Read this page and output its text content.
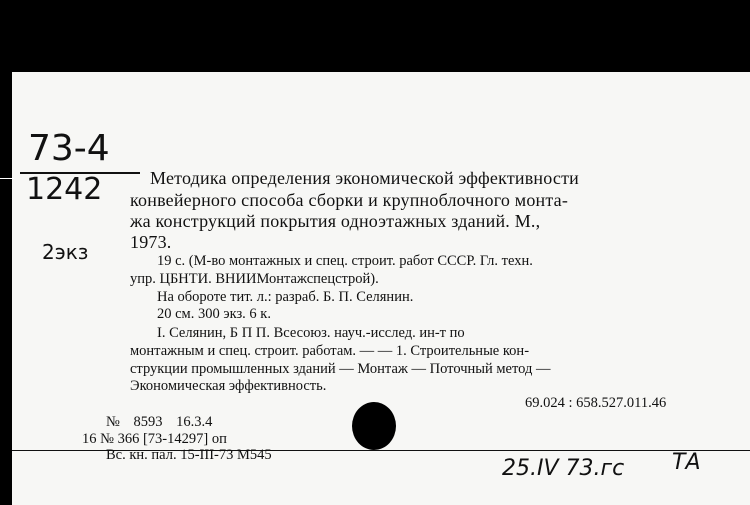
73-4
1242
2экз
Методика определения экономической эффективности
конвейерного способа сборки и крупноблочного монта-
жа конструкций покрытия одноэтажных зданий. М.,
1973.
19 с. (М-во монтажных и спец. строит. работ СССР. Гл. техн.
упр. ЦБНТИ. ВНИИМонтажспецстрой).
На обороте тит. л.: разраб. Б. П. Селянин.
20 см. 300 экз. 6 к.
I. Селянин, Б П П. Всесоюз. науч.-исслед. ин-т по
монтажным и спец. строит. работам. — — 1. Строительные кон-
струкции промышленных зданий — Монтаж — Поточный метод —
Экономическая эффективность.
69.024 : 658.527.011.46
№ 8593 16.3.4
16 № 366 [73-14297] оп
Вс. кн. пал. 15-III-73 М545
25.IV 73.гс ТА
